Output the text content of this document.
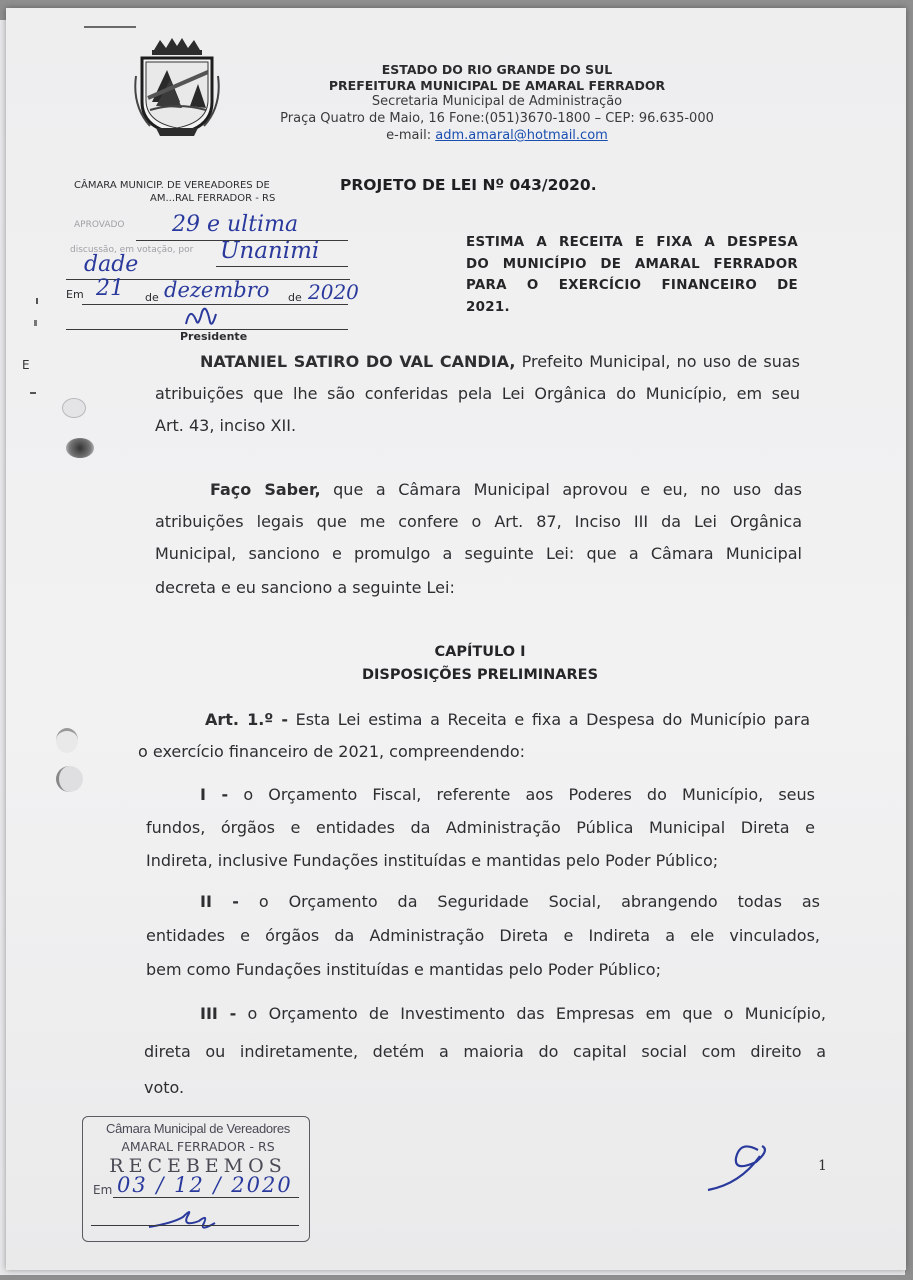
ESTADO DO RIO GRANDE DO SUL
PREFEITURA MUNICIPAL DE AMARAL FERRADOR
Secretaria Municipal de Administração
Praça Quatro de Maio, 16 Fone:(051)3670-1800 – CEP: 96.635-000
e-mail: adm.amaral@hotmail.com
CÂMARA MUNICIP. DE VEREADORES DE
AM...RAL FERRADOR - RS
APROVADO 29 e ultima
discussão, em votação, por Unanimi
dade
Em 21 de dezembro de 2020
Presidente
PROJETO DE LEI Nº 043/2020.
ESTIMA A RECEITA E FIXA A DESPESA
DO MUNICÍPIO DE AMARAL FERRADOR
PARA O EXERCÍCIO FINANCEIRO DE
2021.
E	NATANIEL SATIRO DO VAL CANDIA, Prefeito Municipal, no uso de suas
atribuições que lhe são conferidas pela Lei Orgânica do Município, em seu
Art. 43, inciso XII.
Faço Saber, que a Câmara Municipal aprovou e eu, no uso das
atribuições legais que me confere o Art. 87, Inciso III da Lei Orgânica
Municipal, sanciono e promulgo a seguinte Lei: que a Câmara Municipal
decreta e eu sanciono a seguinte Lei:
CAPÍTULO I
DISPOSIÇÕES PRELIMINARES
Art. 1.º - Esta Lei estima a Receita e fixa a Despesa do Município para
o exercício financeiro de 2021, compreendendo:
I - o Orçamento Fiscal, referente aos Poderes do Município, seus
fundos, órgãos e entidades da Administração Pública Municipal Direta e
Indireta, inclusive Fundações instituídas e mantidas pelo Poder Público;
II - o Orçamento da Seguridade Social, abrangendo todas as
entidades e órgãos da Administração Direta e Indireta a ele vinculados,
bem como Fundações instituídas e mantidas pelo Poder Público;
III - o Orçamento de Investimento das Empresas em que o Município,
direta ou indiretamente, detém a maioria do capital social com direito a
voto.
Câmara Municipal de Vereadores
AMARAL FERRADOR - RS
RECEBEMOS
Em 03 / 12 / 2020
1
